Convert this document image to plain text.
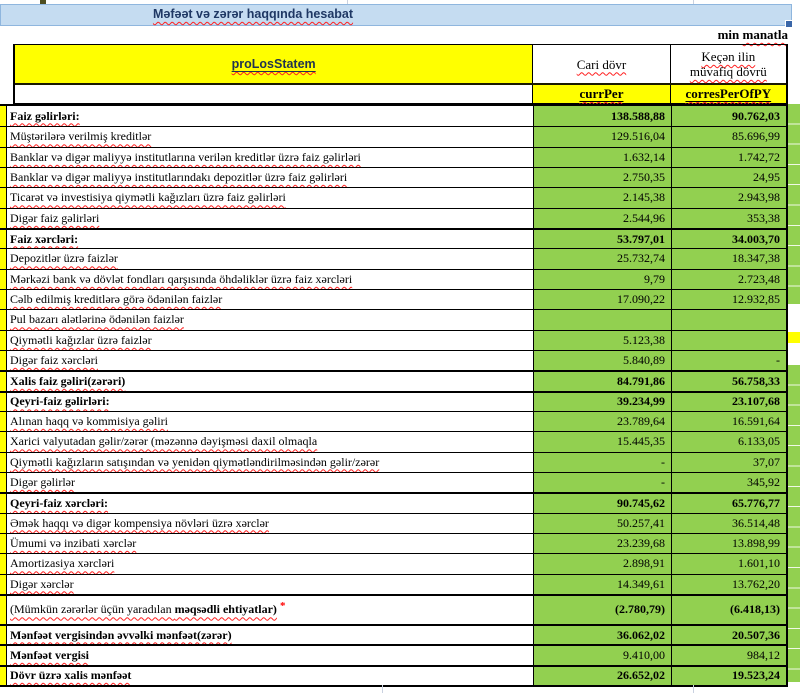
Məfəət və zərər haqqında hesabat
min manatla
proLosStatem	Cari dövr	Keçən ilin
müvafiq dövrü
currPer	corresPerOfPY
Faiz gəlirləri:	138.588,88	90.762,03
Müştərilərə verilmiş kreditlər	129.516,04	85.696,99
Banklar və digər maliyyə institutlarına verilən kreditlər üzrə faiz gəlirləri	1.632,14	1.742,72
Banklar və digər maliyyə institutlarındakı depozitlər üzrə faiz gəlirləri	2.750,35	24,95
Ticarət və investisiya qiymətli kağızları üzrə faiz gəlirləri	2.145,38	2.943,98
Digər faiz gəlirləri	2.544,96	353,38
Faiz xərcləri:	53.797,01	34.003,70
Depozitlər üzrə faizlər	25.732,74	18.347,38
Mərkəzi bank və dövlət fondları qarşısında öhdəliklər üzrə faiz xərcləri	9,79	2.723,48
Cəlb edilmiş kreditlərə görə ödənilən faizlər	17.090,22	12.932,85
Pul bazarı alətlərinə ödənilən faizlər
Qiymətli kağızlar üzrə faizlər	5.123,38
Digər faiz xərcləri	5.840,89	-
Xalis faiz gəliri(zərəri)	84.791,86	56.758,33
Qeyri-faiz gəlirləri:	39.234,99	23.107,68
Alınan haqq və kommisiya gəliri	23.789,64	16.591,64
Xarici valyutadan gəlir/zərər (məzənnə dəyişməsi daxil olmaqla	15.445,35	6.133,05
Qiymətli kağızların satışından və yenidən qiymətləndirilməsindən gəlir/zərər	-	37,07
Digər gəlirlər	-	345,92
Qeyri-faiz xərcləri:	90.745,62	65.776,77
Əmək haqqı və digər kompensiya növləri üzrə xərclər	50.257,41	36.514,48
Ümumi və inzibati xərclər	23.239,68	13.898,99
Amortizasiya xərcləri	2.898,91	1.601,10
Digər xərclər	14.349,61	13.762,20
(Mümkün zərərlər üçün yaradılan məqsədli ehtiyatlar) *	(2.780,79)	(6.418,13)
Mənfəət vergisindən əvvəlki mənfəət(zərər)	36.062,02	20.507,36
Mənfəət vergisi	9.410,00	984,12
Dövr üzrə xalis mənfəət	26.652,02	19.523,24
